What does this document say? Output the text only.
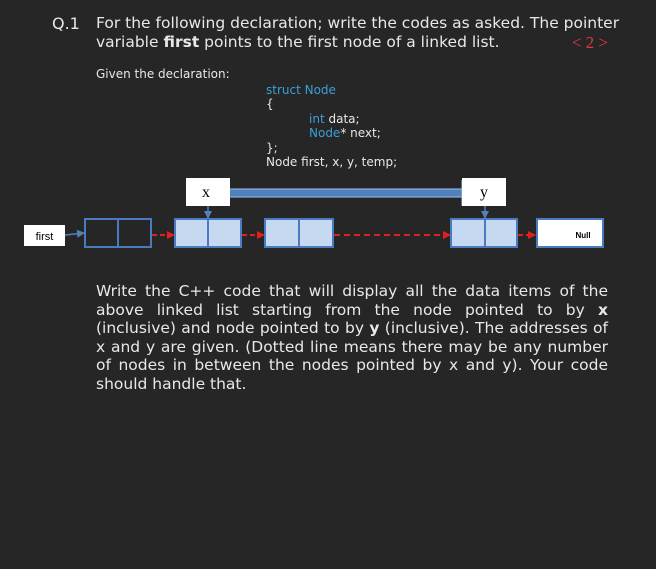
Q.1 For the following declaration; write the codes as asked. The pointer
variable first points to the first node of a linked list.	< 2 >
Given the declaration:
struct Node
{
int data;
Node* next;
};
Node first, x, y, temp;
first	Null
x	y
Write the C++ code that will display all the data items of the above linked list starting from the node pointed to by x (inclusive) and node pointed to by y (inclusive). The addresses of x and y are given. (Dotted line means there may be any number of nodes in between the nodes pointed by x and y). Your code should handle that.
